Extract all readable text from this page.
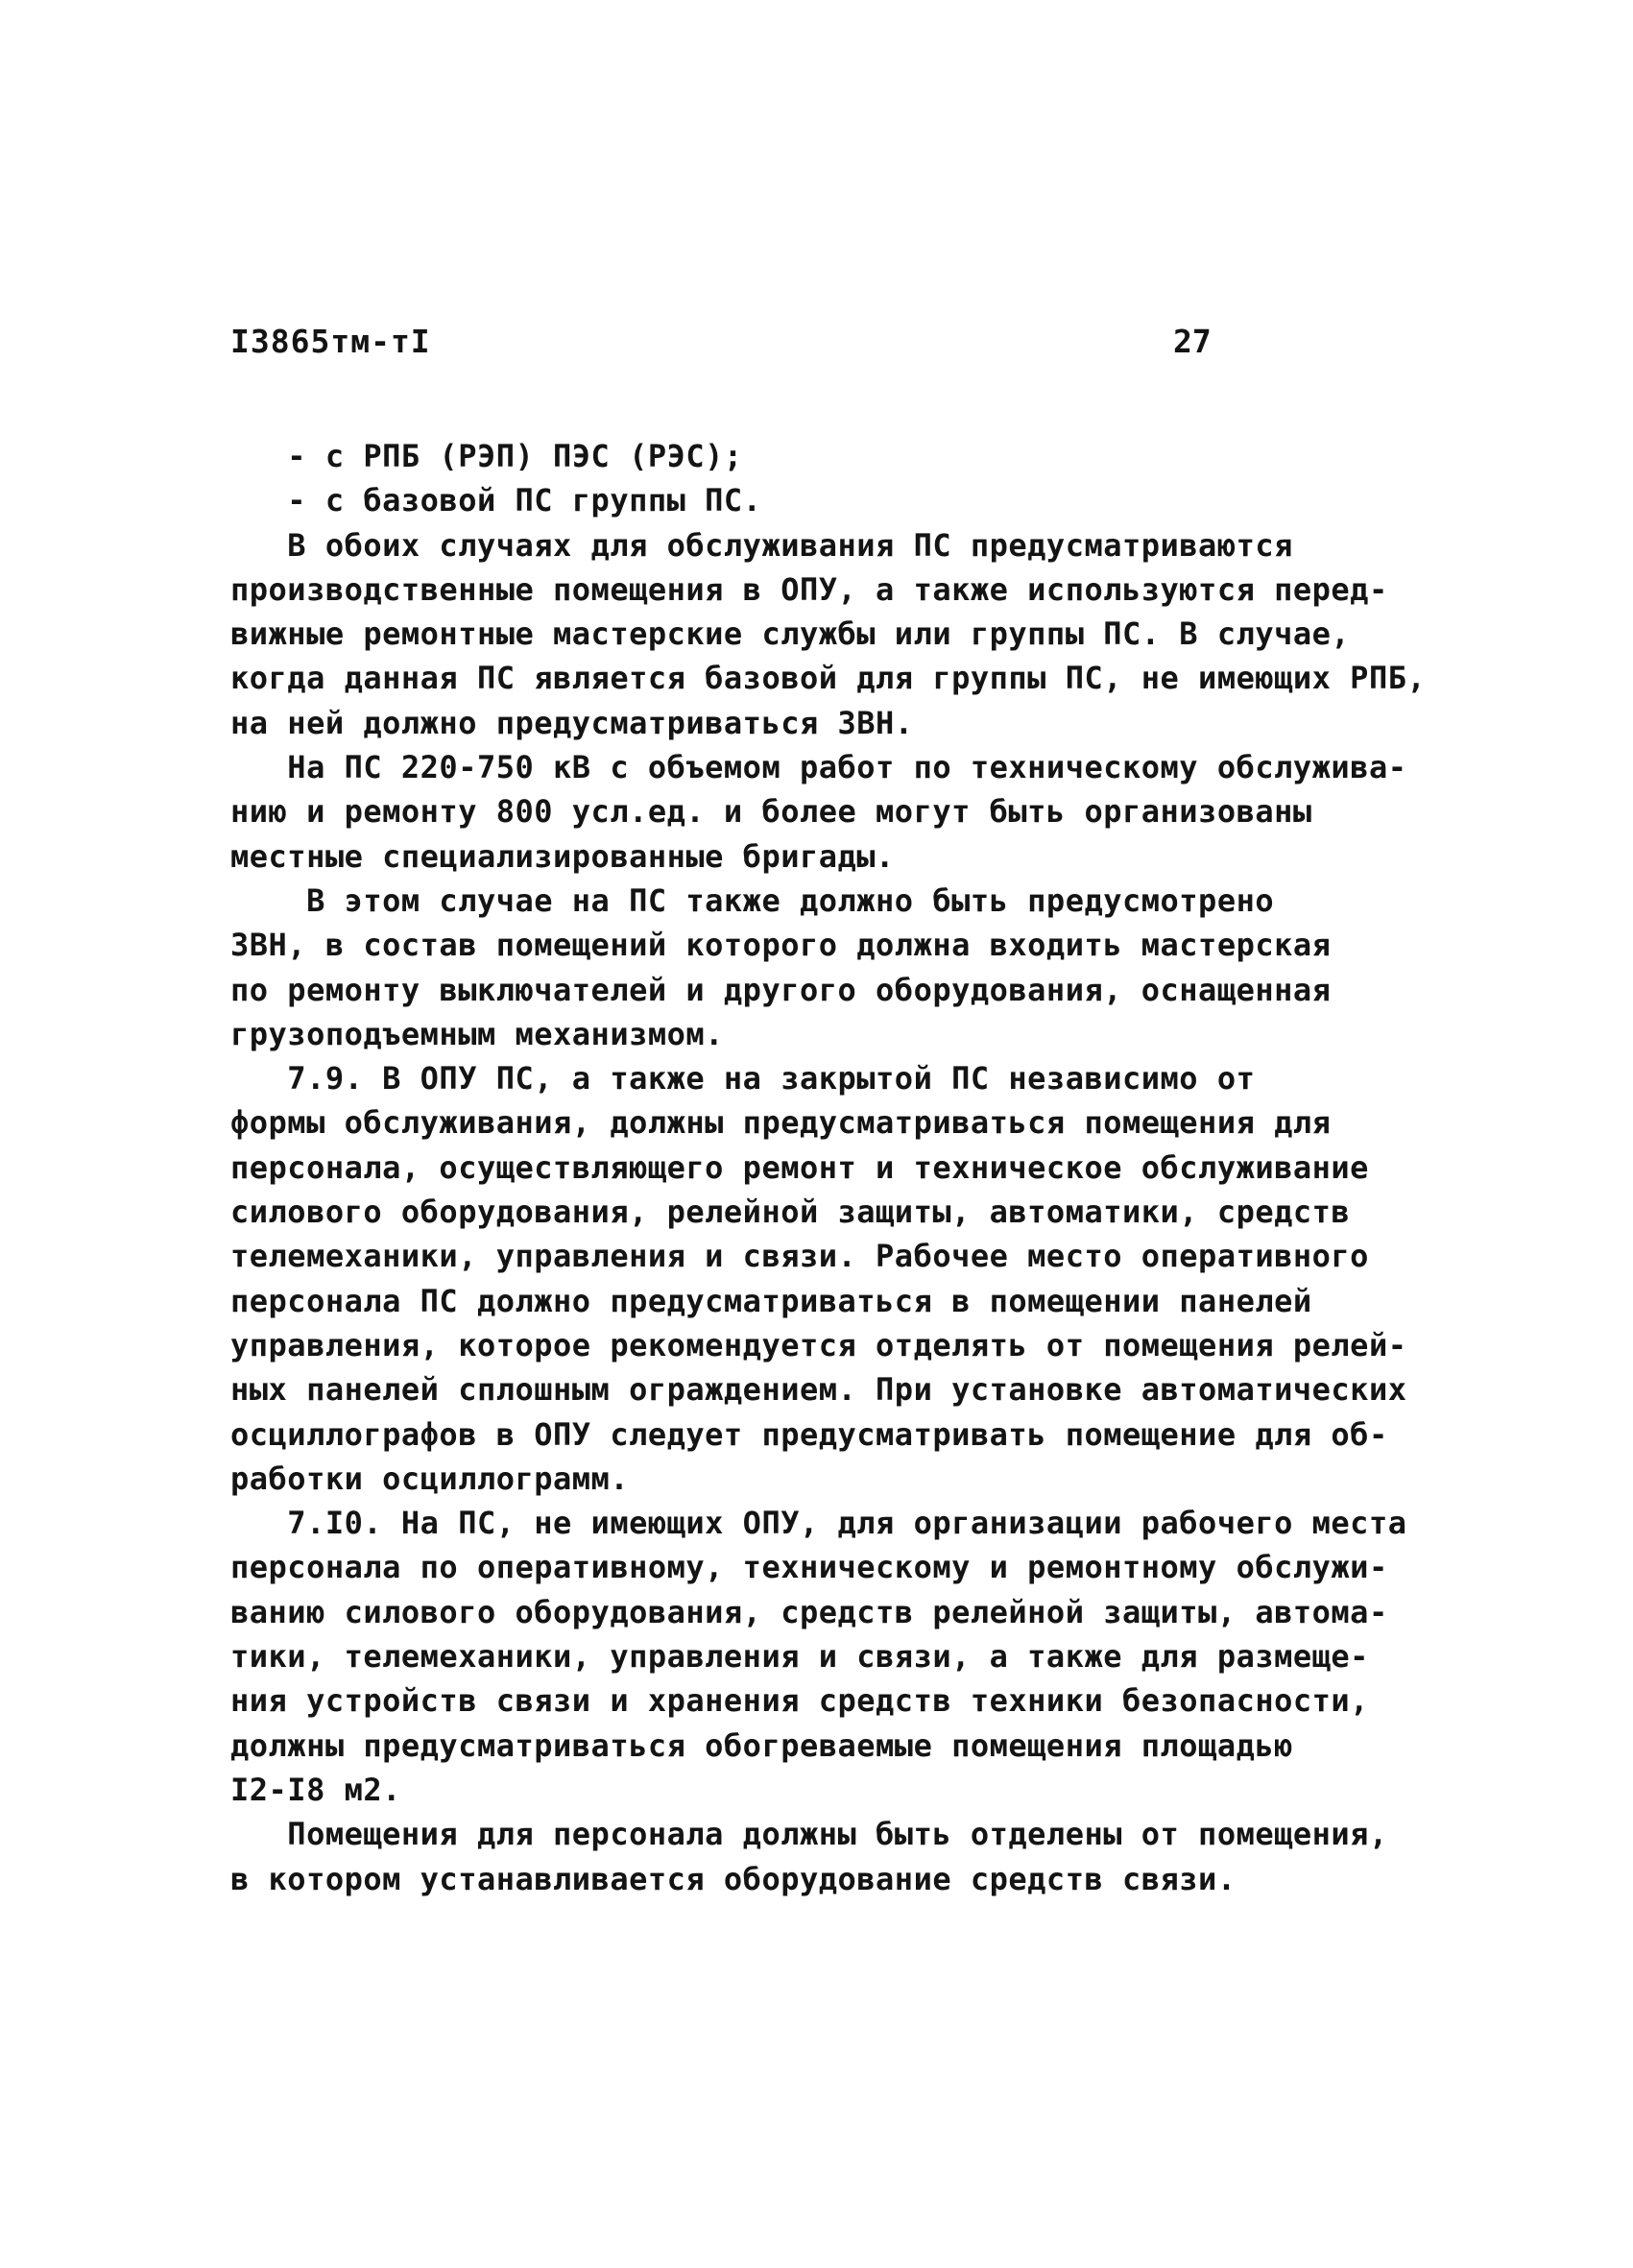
I3865тм-тI	27
- с РПБ (РЭП) ПЭС (РЭС);
- с базовой ПС группы ПС.
В обоих случаях для обслуживания ПС предусматриваются
производственные помещения в ОПУ, а также используются перед-
вижные ремонтные мастерские службы или группы ПС. В случае,
когда данная ПС является базовой для группы ПС, не имеющих РПБ,
на ней должно предусматриваться ЗВН.
На ПС 220-750 кВ с объемом работ по техническому обслужива-
нию и ремонту 800 усл.ед. и более могут быть организованы
местные специализированные бригады.
В этом случае на ПС также должно быть предусмотрено
ЗВН, в состав помещений которого должна входить мастерская
по ремонту выключателей и другого оборудования, оснащенная
грузоподъемным механизмом.
7.9. В ОПУ ПС, а также на закрытой ПС независимо от
формы обслуживания, должны предусматриваться помещения для
персонала, осуществляющего ремонт и техническое обслуживание
силового оборудования, релейной защиты, автоматики, средств
телемеханики, управления и связи. Рабочее место оперативного
персонала ПС должно предусматриваться в помещении панелей
управления, которое рекомендуется отделять от помещения релей-
ных панелей сплошным ограждением. При установке автоматических
осциллографов в ОПУ следует предусматривать помещение для об-
работки осциллограмм.
7.I0. На ПС, не имеющих ОПУ, для организации рабочего места
персонала по оперативному, техническому и ремонтному обслужи-
ванию силового оборудования, средств релейной защиты, автома-
тики, телемеханики, управления и связи, а также для размеще-
ния устройств связи и хранения средств техники безопасности,
должны предусматриваться обогреваемые помещения площадью
I2-I8 м2.
Помещения для персонала должны быть отделены от помещения,
в котором устанавливается оборудование средств связи.
